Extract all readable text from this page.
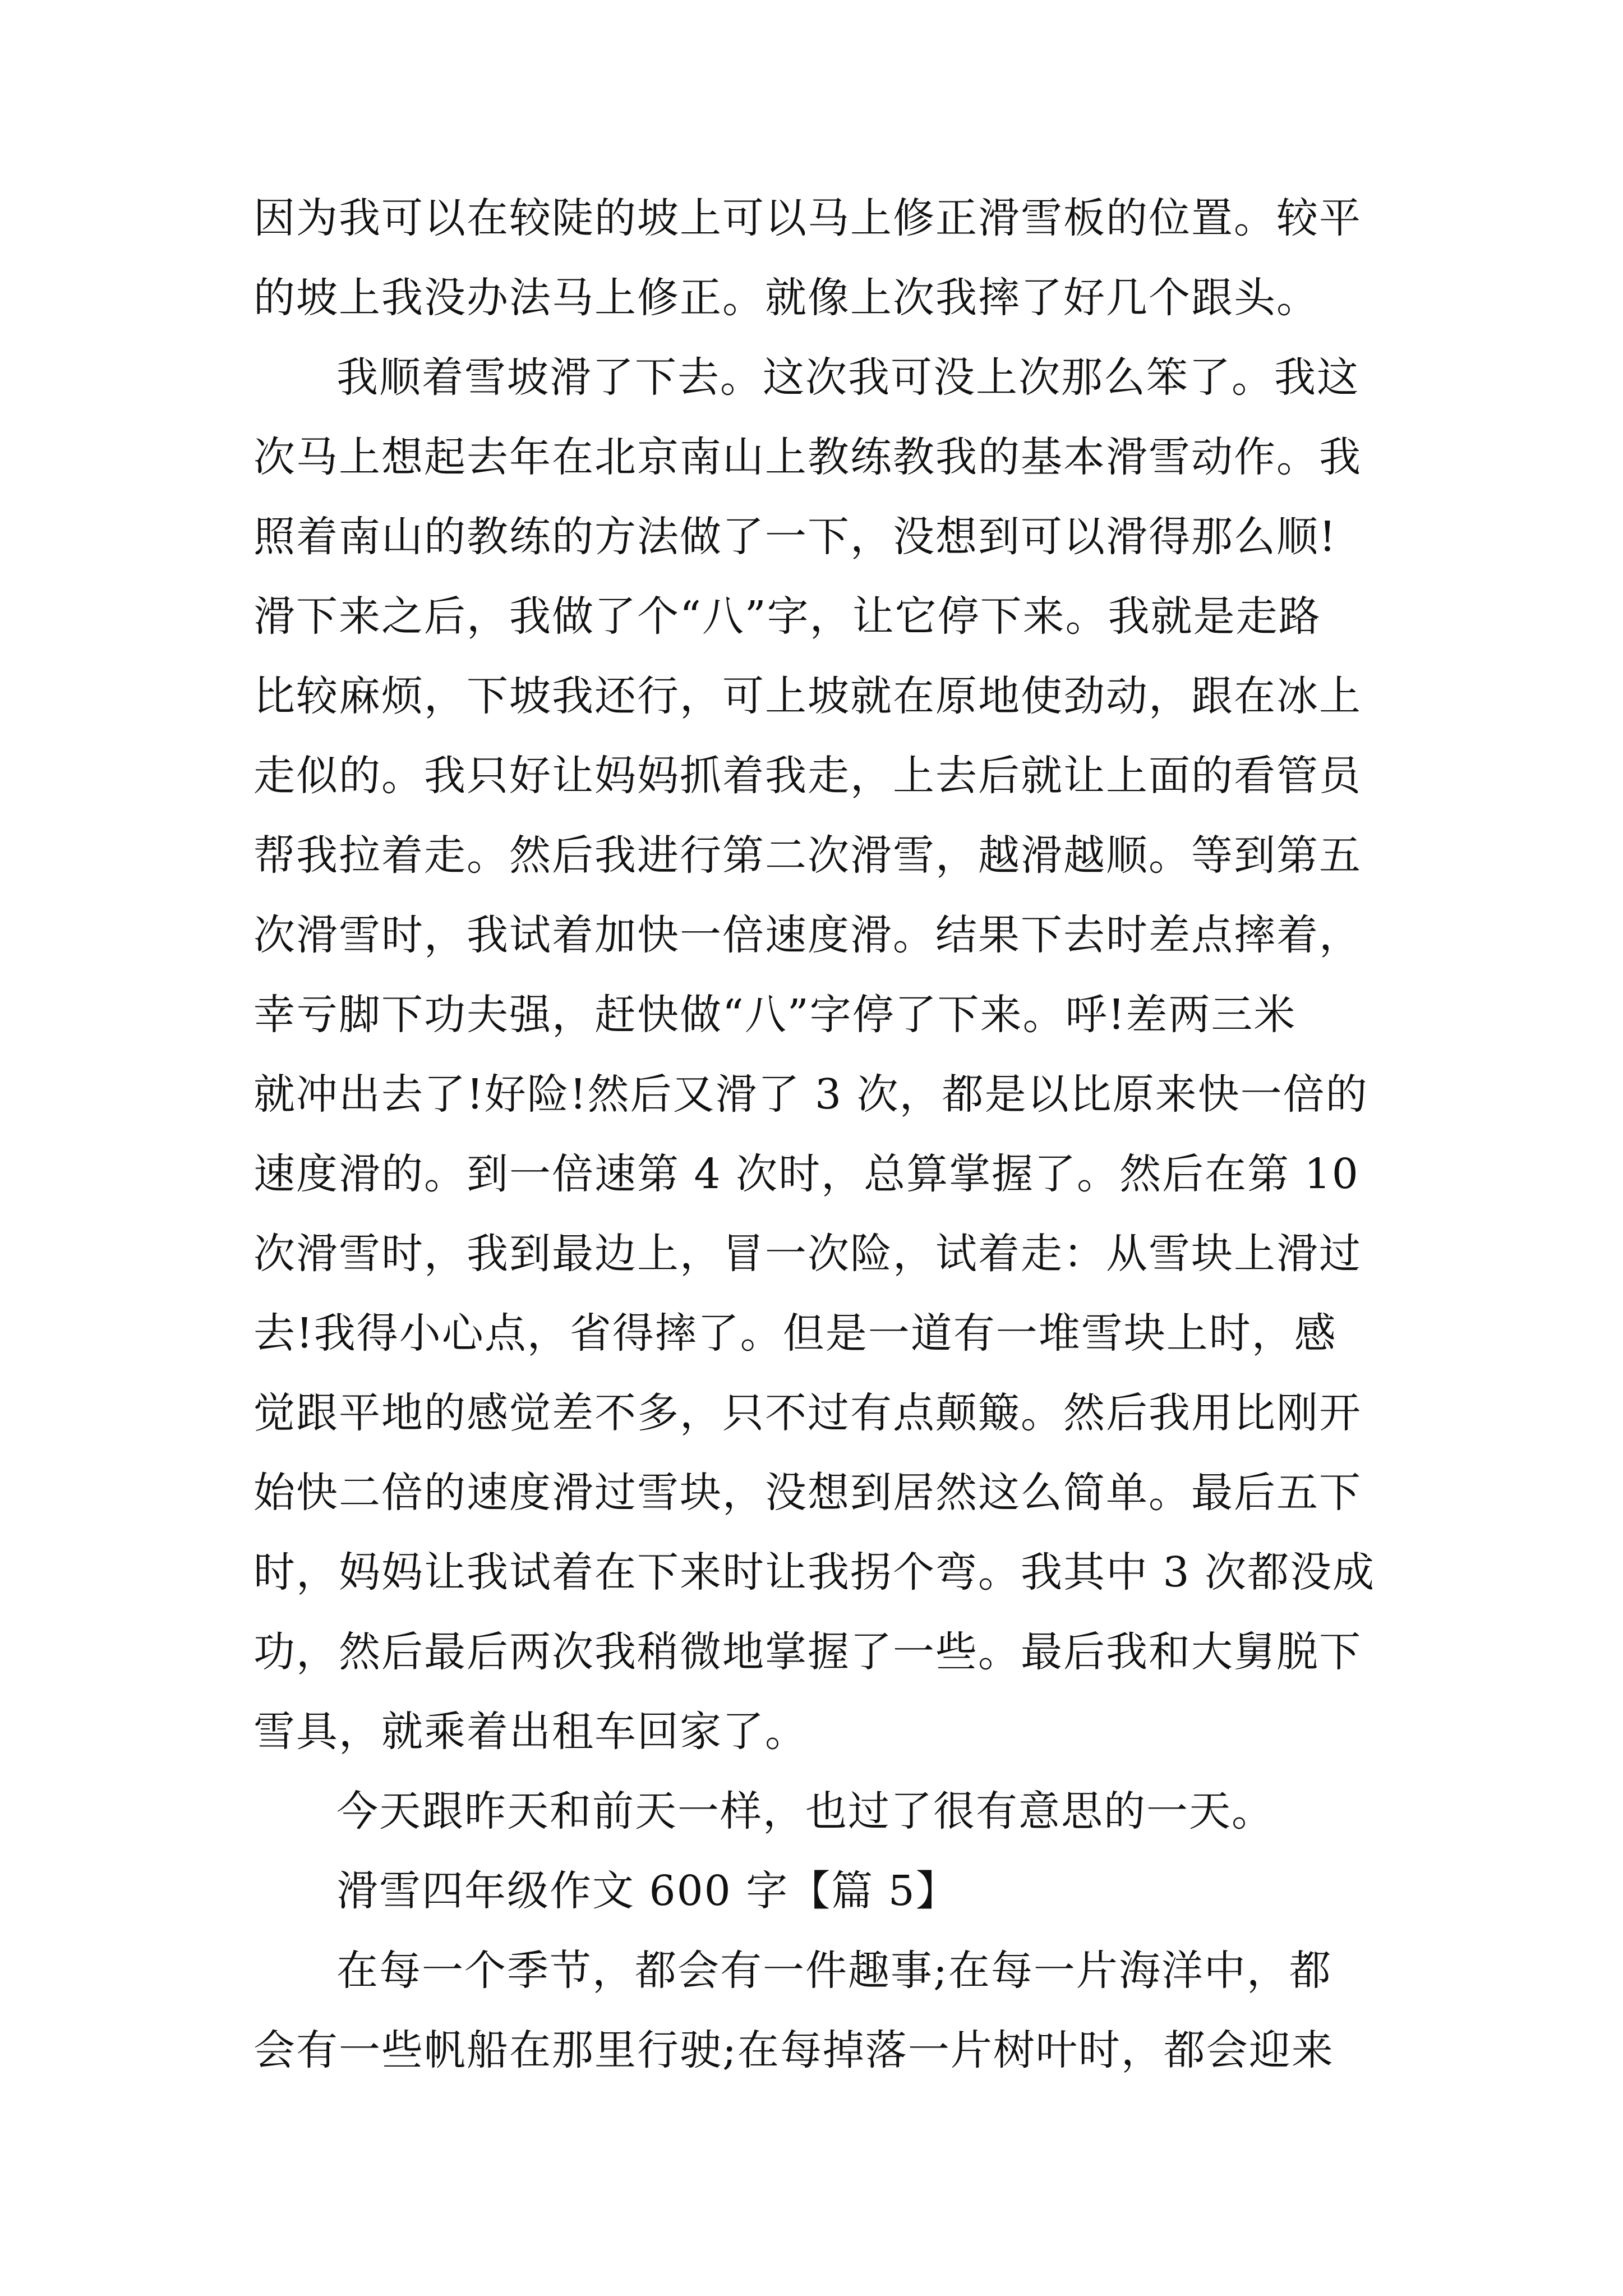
因为我可以在较陡的坡上可以马上修正滑雪板的位置。较平
的坡上我没办法马上修正。就像上次我摔了好几个跟头。
我顺着雪坡滑了下去。这次我可没上次那么笨了。我这
次马上想起去年在北京南山上教练教我的基本滑雪动作。我
照着南山的教练的方法做了一下，没想到可以滑得那么顺!
滑下来之后，我做了个“八”字，让它停下来。我就是走路
比较麻烦，下坡我还行，可上坡就在原地使劲动，跟在冰上
走似的。我只好让妈妈抓着我走，上去后就让上面的看管员
帮我拉着走。然后我进行第二次滑雪，越滑越顺。等到第五
次滑雪时，我试着加快一倍速度滑。结果下去时差点摔着，
幸亏脚下功夫强，赶快做“八”字停了下来。呼!差两三米
就冲出去了!好险!然后又滑了 3 次，都是以比原来快一倍的
速度滑的。到一倍速第 4 次时，总算掌握了。然后在第 10
次滑雪时，我到最边上，冒一次险，试着走：从雪块上滑过
去!我得小心点，省得摔了。但是一道有一堆雪块上时，感
觉跟平地的感觉差不多，只不过有点颠簸。然后我用比刚开
始快二倍的速度滑过雪块，没想到居然这么简单。最后五下
时，妈妈让我试着在下来时让我拐个弯。我其中 3 次都没成
功，然后最后两次我稍微地掌握了一些。最后我和大舅脱下
雪具，就乘着出租车回家了。
今天跟昨天和前天一样，也过了很有意思的一天。
滑雪四年级作文 600 字【篇 5】
在每一个季节，都会有一件趣事;在每一片海洋中，都
会有一些帆船在那里行驶;在每掉落一片树叶时，都会迎来
